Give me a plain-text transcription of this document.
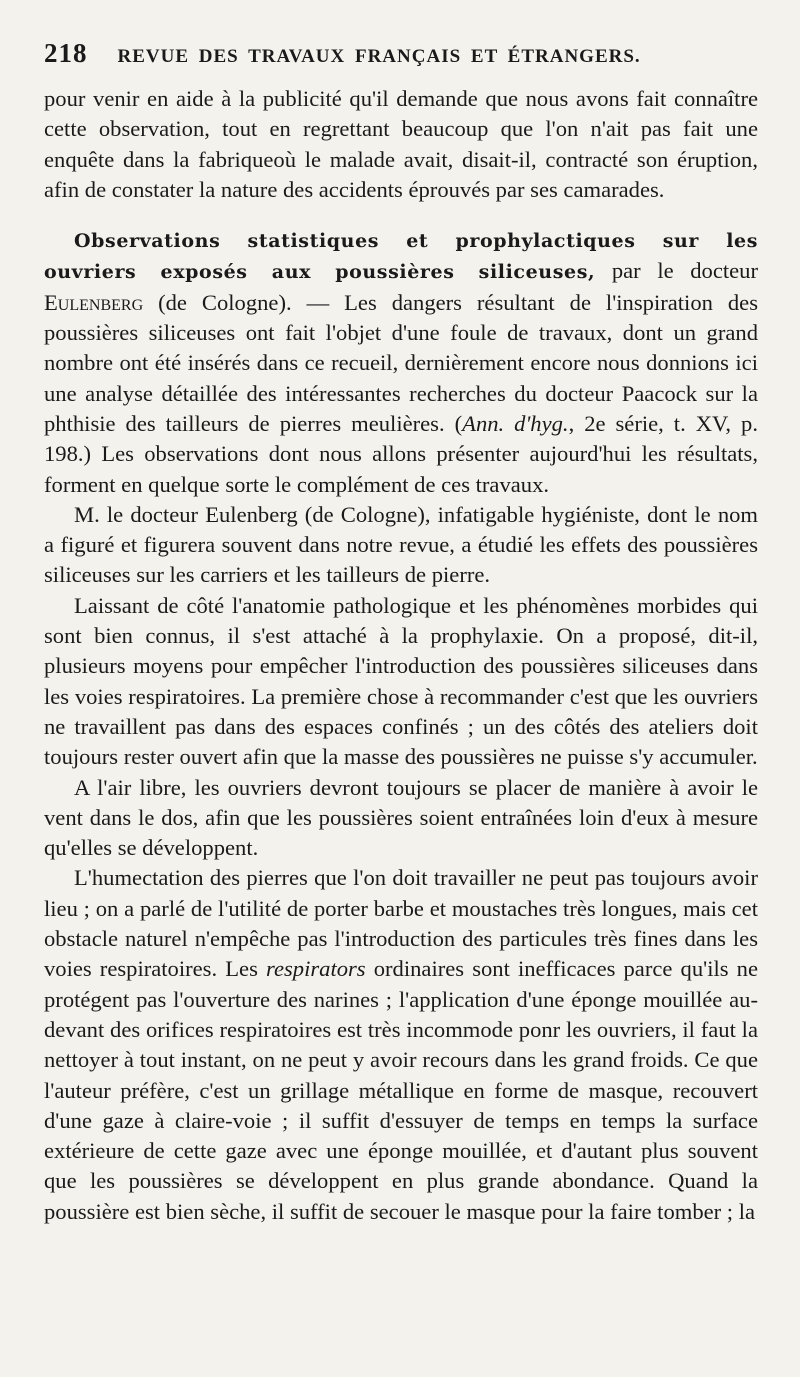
218 REVUE DES TRAVAUX FRANÇAIS ET ÉTRANGERS.

pour venir en aide à la publicité qu'il demande que nous avons fait connaître cette observation, tout en regrettant beaucoup que l'on n'ait pas fait une enquête dans la fabriqueoù le malade avait, disait-il, contracté son éruption, afin de constater la nature des accidents éprouvés par ses camarades.

Observations statistiques et prophylactiques sur les ouvriers exposés aux poussières siliceuses, par le docteur Eulenberg (de Cologne). — Les dangers résultant de l'inspiration des poussières siliceuses ont fait l'objet d'une foule de travaux, dont un grand nombre ont été insérés dans ce recueil, dernièrement encore nous donnions ici une analyse détaillée des intéressantes recherches du docteur Paacock sur la phthisie des tailleurs de pierres meulières. (Ann. d'hyg., 2e série, t. XV, p. 198.) Les observations dont nous allons présenter aujourd'hui les résultats, forment en quelque sorte le complément de ces travaux.

M. le docteur Eulenberg (de Cologne), infatigable hygiéniste, dont le nom a figuré et figurera souvent dans notre revue, a étudié les effets des poussières siliceuses sur les carriers et les tailleurs de pierre.

Laissant de côté l'anatomie pathologique et les phénomènes morbides qui sont bien connus, il s'est attaché à la prophylaxie. On a proposé, dit-il, plusieurs moyens pour empêcher l'introduction des poussières siliceuses dans les voies respiratoires. La première chose à recommander c'est que les ouvriers ne travaillent pas dans des espaces confinés ; un des côtés des ateliers doit toujours rester ouvert afin que la masse des poussières ne puisse s'y accumuler.

A l'air libre, les ouvriers devront toujours se placer de manière à avoir le vent dans le dos, afin que les poussières soient entraînées loin d'eux à mesure qu'elles se développent.

L'humectation des pierres que l'on doit travailler ne peut pas toujours avoir lieu ; on a parlé de l'utilité de porter barbe et moustaches très longues, mais cet obstacle naturel n'empêche pas l'introduction des particules très fines dans les voies respiratoires. Les respirators ordinaires sont inefficaces parce qu'ils ne protégent pas l'ouverture des narines ; l'application d'une éponge mouillée au-devant des orifices respiratoires est très incommode ponr les ouvriers, il faut la nettoyer à tout instant, on ne peut y avoir recours dans les grand froids. Ce que l'auteur préfère, c'est un grillage métallique en forme de masque, recouvert d'une gaze à claire-voie ; il suffit d'essuyer de temps en temps la surface extérieure de cette gaze avec une éponge mouillée, et d'autant plus souvent que les poussières se développent en plus grande abondance. Quand la poussière est bien sèche, il suffit de secouer le masque pour la faire tomber ; la
